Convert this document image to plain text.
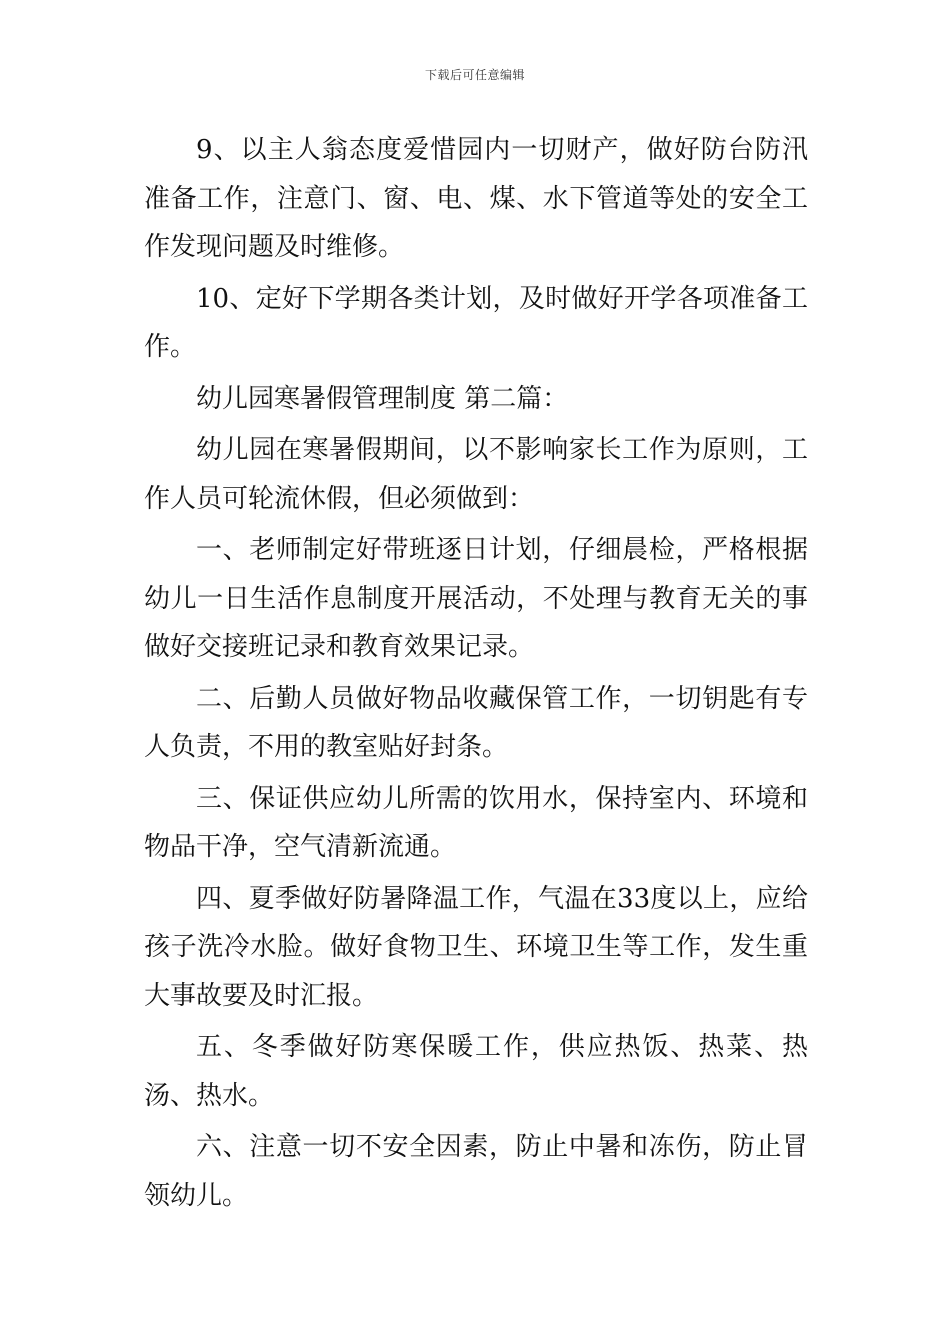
下载后可任意编辑

9、以主人翁态度爱惜园内一切财产，做好防台防汛准备工作，注意门、窗、电、煤、水下管道等处的安全工作发现问题及时维修。

10、定好下学期各类计划，及时做好开学各项准备工作。

幼儿园寒暑假管理制度 第二篇：

幼儿园在寒暑假期间，以不影响家长工作为原则，工作人员可轮流休假，但必须做到：

一、老师制定好带班逐日计划，仔细晨检，严格根据幼儿一日生活作息制度开展活动，不处理与教育无关的事做好交接班记录和教育效果记录。

二、后勤人员做好物品收藏保管工作，一切钥匙有专人负责，不用的教室贴好封条。

三、保证供应幼儿所需的饮用水，保持室内、环境和物品干净，空气清新流通。

四、夏季做好防暑降温工作，气温在33度以上，应给孩子洗冷水脸。做好食物卫生、环境卫生等工作，发生重大事故要及时汇报。

五、冬季做好防寒保暖工作，供应热饭、热菜、热汤、热水。

六、注意一切不安全因素，防止中暑和冻伤，防止冒领幼儿。
